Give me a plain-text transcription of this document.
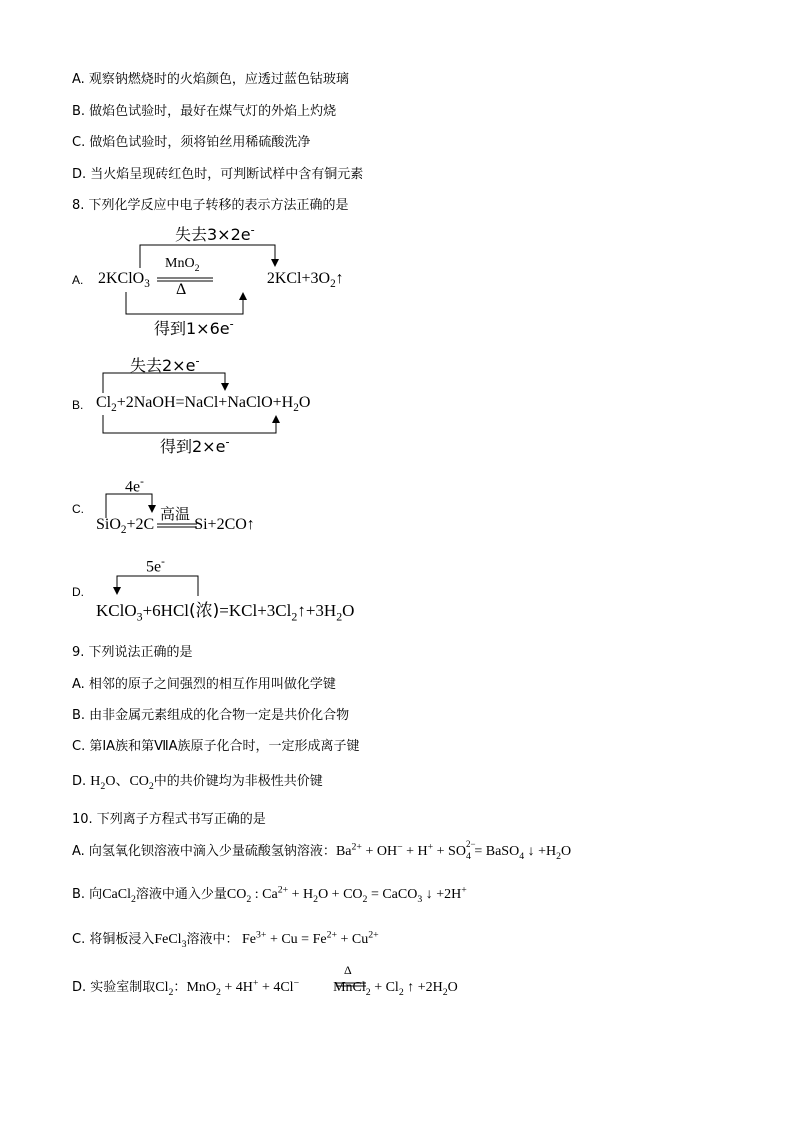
A. 观察钠燃烧时的火焰颜色，应透过蓝色钴玻璃
B. 做焰色试验时，最好在煤气灯的外焰上灼烧
C. 做焰色试验时，须将铂丝用稀硫酸洗净
D. 当火焰呈现砖红色时，可判断试样中含有铜元素
8. 下列化学反应中电子转移的表示方法正确的是
A.
失去3×2e-
MnO$_2$
2KClO$_3$	$2KCl+3O_2↑$
Δ
得到1×6e-
B.
失去2×e-
$Cl_2+2NaOH=NaCl+NaClO+H_2O$
得到2×e-
C.
4e-
高温
SiO$_2$+2C	Si+2CO↑
D.
5e-
KClO$_3$+6HCl(浓)$=KCl+3Cl_2↑+3H_2O$
9. 下列说法正确的是
A. 相邻的原子之间强烈的相互作用叫做化学键
B. 由非金属元素组成的化合物一定是共价化合物
C. 第ⅠA族和第ⅦA族原子化合时，一定形成离子键
D. $H_2O$、$CO_2$中的共价键均为非极性共价键
10. 下列离子方程式书写正确的是
A. 向氢氧化钡溶液中滴入少量硫酸氢钠溶液：$Ba^{2+} + OH^- + H^+$ + SO
$_{2- 4}$ = BaSO$_4$ ↓ $+H_2O$
B. 向CaCl$_2$溶液中通入少量$CO_2$ : $Ca^{2+} + H_2O + CO_2$ = CaCO$_3$ ↓ +2H+
C. 将铜板浸入FeCl$_3$溶液中： $Fe^{3+} + Cu = Fe^{2+} + Cu^{2+}$
Δ
D. 实验室制取$Cl_2$：MnO$_2$ + 4H+ + 4Cl− MnCl$_2$ + $Cl_2$ ↑ $+2H_2O$
